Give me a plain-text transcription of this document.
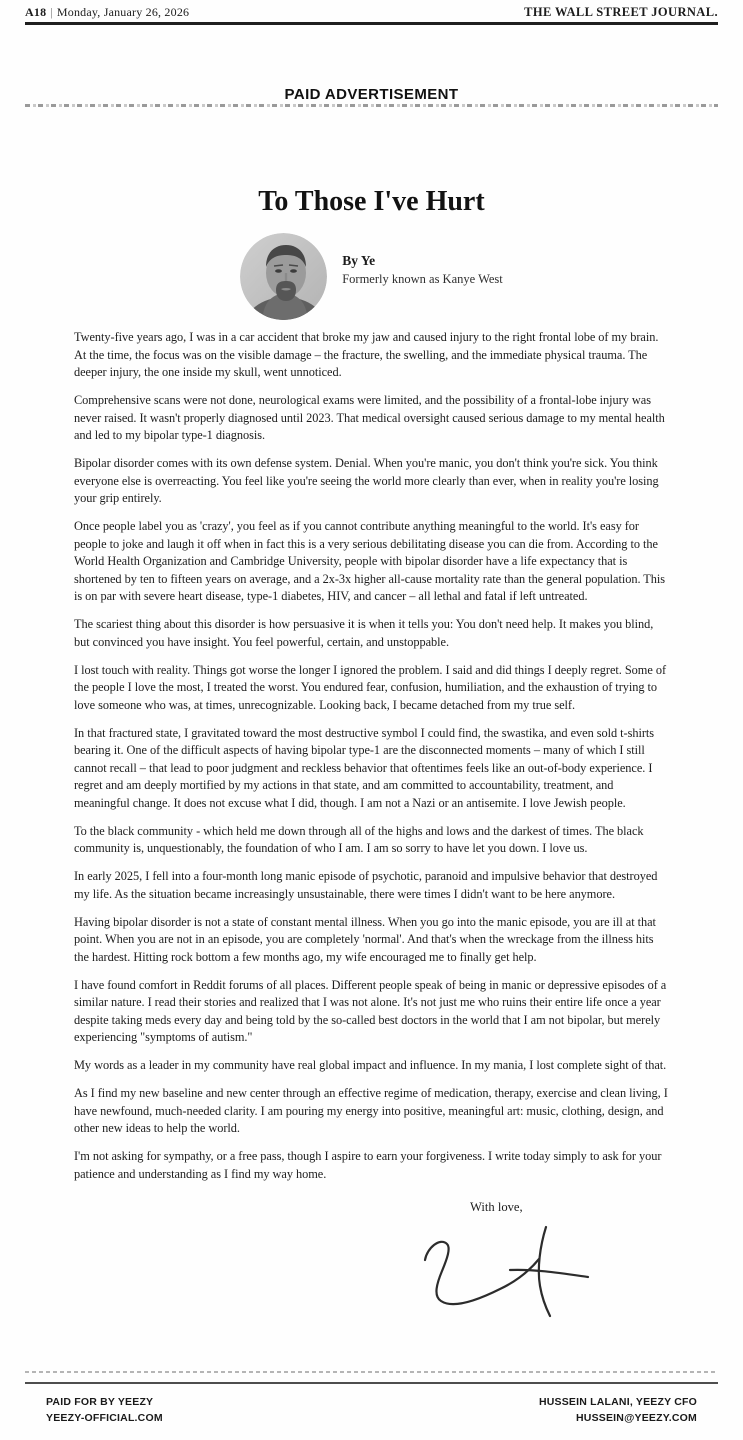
A18 | Monday, January 26, 2026	THE WALL STREET JOURNAL.
PAID ADVERTISEMENT
To Those I've Hurt

By Ye

Formerly known as Kanye West

Twenty-five years ago, I was in a car accident that broke my jaw and caused injury to the right frontal lobe of my brain. At the time, the focus was on the visible damage – the fracture, the swelling, and the immediate physical trauma. The deeper injury, the one inside my skull, went unnoticed.

Comprehensive scans were not done, neurological exams were limited, and the possibility of a frontal-lobe injury was never raised. It wasn't properly diagnosed until 2023. That medical oversight caused serious damage to my mental health and led to my bipolar type-1 diagnosis.

Bipolar disorder comes with its own defense system. Denial. When you're manic, you don't think you're sick. You think everyone else is overreacting. You feel like you're seeing the world more clearly than ever, when in reality you're losing your grip entirely.

Once people label you as 'crazy', you feel as if you cannot contribute anything meaningful to the world. It's easy for people to joke and laugh it off when in fact this is a very serious debilitating disease you can die from. According to the World Health Organization and Cambridge University, people with bipolar disorder have a life expectancy that is shortened by ten to fifteen years on average, and a 2x-3x higher all-cause mortality rate than the general population. This is on par with severe heart disease, type-1 diabetes, HIV, and cancer – all lethal and fatal if left untreated.

The scariest thing about this disorder is how persuasive it is when it tells you: You don't need help. It makes you blind, but convinced you have insight. You feel powerful, certain, and unstoppable.

I lost touch with reality. Things got worse the longer I ignored the problem. I said and did things I deeply regret. Some of the people I love the most, I treated the worst. You endured fear, confusion, humiliation, and the exhaustion of trying to love someone who was, at times, unrecognizable. Looking back, I became detached from my true self.

In that fractured state, I gravitated toward the most destructive symbol I could find, the swastika, and even sold t-shirts bearing it. One of the difficult aspects of having bipolar type-1 are the disconnected moments – many of which I still cannot recall – that lead to poor judgment and reckless behavior that oftentimes feels like an out-of-body experience. I regret and am deeply mortified by my actions in that state, and am committed to accountability, treatment, and meaningful change. It does not excuse what I did, though. I am not a Nazi or an antisemite. I love Jewish people.

To the black community - which held me down through all of the highs and lows and the darkest of times. The black community is, unquestionably, the foundation of who I am. I am so sorry to have let you down. I love us.

In early 2025, I fell into a four-month long manic episode of psychotic, paranoid and impulsive behavior that destroyed my life. As the situation became increasingly unsustainable, there were times I didn't want to be here anymore.

Having bipolar disorder is not a state of constant mental illness. When you go into the manic episode, you are ill at that point. When you are not in an episode, you are completely 'normal'. And that's when the wreckage from the illness hits the hardest. Hitting rock bottom a few months ago, my wife encouraged me to finally get help.

I have found comfort in Reddit forums of all places. Different people speak of being in manic or depressive episodes of a similar nature. I read their stories and realized that I was not alone. It's not just me who ruins their entire life once a year despite taking meds every day and being told by the so-called best doctors in the world that I am not bipolar, but merely experiencing "symptoms of autism."

My words as a leader in my community have real global impact and influence. In my mania, I lost complete sight of that.

As I find my new baseline and new center through an effective regime of medication, therapy, exercise and clean living, I have newfound, much-needed clarity. I am pouring my energy into positive, meaningful art: music, clothing, design, and other new ideas to help the world.

I'm not asking for sympathy, or a free pass, though I aspire to earn your forgiveness. I write today simply to ask for your patience and understanding as I find my way home.

With love,
PAID FOR BY YEEZY
YEEZY-OFFICIAL.COM
HUSSEIN LALANI, YEEZY CFO
HUSSEIN@YEEZY.COM
